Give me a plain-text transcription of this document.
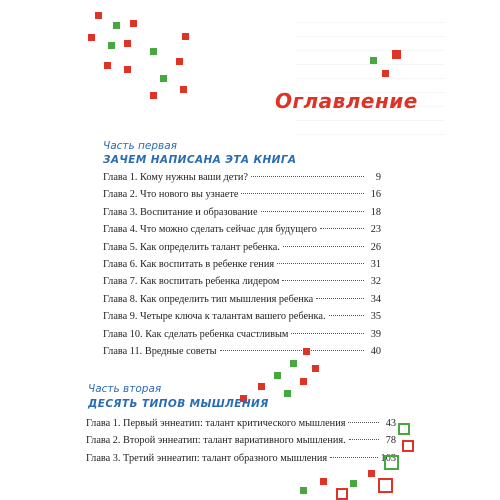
Оглавление
Часть первая
ЗАЧЕМ НАПИСАНА ЭТА КНИГА
Глава 1. Кому нужны ваши дети?	9
Глава 2. Что нового вы узнаете	16
Глава 3. Воспитание и образование	18
Глава 4. Что можно сделать сейчас для будущего	23
Глава 5. Как определить талант ребенка.	26
Глава 6. Как воспитать в ребенке гения	31
Глава 7. Как воспитать ребенка лидером	32
Глава 8. Как определить тип мышления ребенка	34
Глава 9. Четыре ключа к талантам вашего ребенка.	35
Глава 10. Как сделать ребенка счастливым	39
Глава 11. Вредные советы	40
Часть вторая
ДЕСЯТЬ ТИПОВ МЫШЛЕНИЯ
Глава 1. Первый эннеатип: талант критического мышления	43
Глава 2. Второй эннеатип: талант вариативного мышления.	78
Глава 3. Третий эннеатип: талант образного мышления	103
